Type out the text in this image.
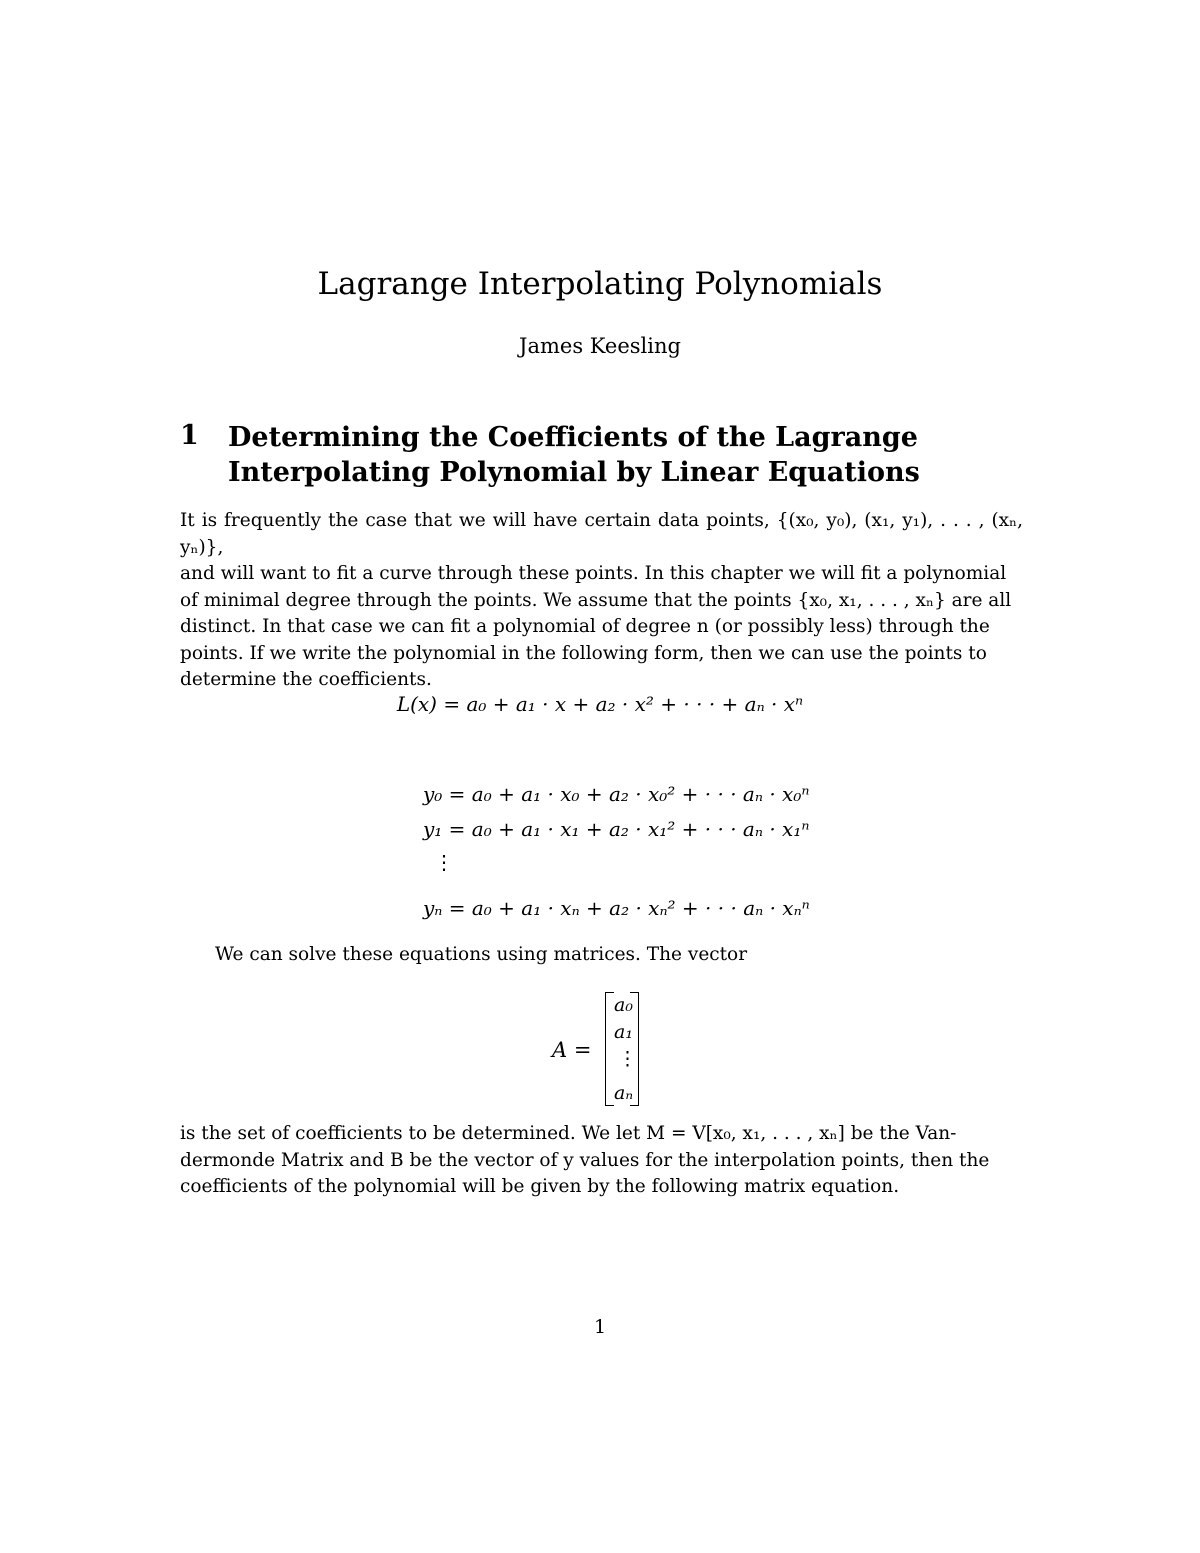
Lagrange Interpolating Polynomials
James Keesling
1 Determining the Coefficients of the Lagrange Interpolating Polynomial by Linear Equations
It is frequently the case that we will have certain data points, {(x₀, y₀), (x₁, y₁), . . . , (xₙ, yₙ)},
and will want to fit a curve through these points. In this chapter we will fit a polynomial
of minimal degree through the points. We assume that the points {x₀, x₁, . . . , xₙ} are all
distinct. In that case we can fit a polynomial of degree n (or possibly less) through the
points. If we write the polynomial in the following form, then we can use the points to
determine the coefficients.
L(x) = a₀ + a₁ · x + a₂ · x² + · · · + aₙ · xⁿ
y₀ = a₀ + a₁ · x₀ + a₂ · x₀² + · · · aₙ · x₀ⁿ
y₁ = a₀ + a₁ · x₁ + a₂ · x₁² + · · · aₙ · x₁ⁿ
⋮
yₙ = a₀ + a₁ · xₙ + a₂ · xₙ² + · · · aₙ · xₙⁿ
We can solve these equations using matrices. The vector
A =
a₀
a₁
⋮
aₙ
is the set of coefficients to be determined. We let M = V[x₀, x₁, . . . , xₙ] be the Van-
dermonde Matrix and B be the vector of y values for the interpolation points, then the
coefficients of the polynomial will be given by the following matrix equation.
1
